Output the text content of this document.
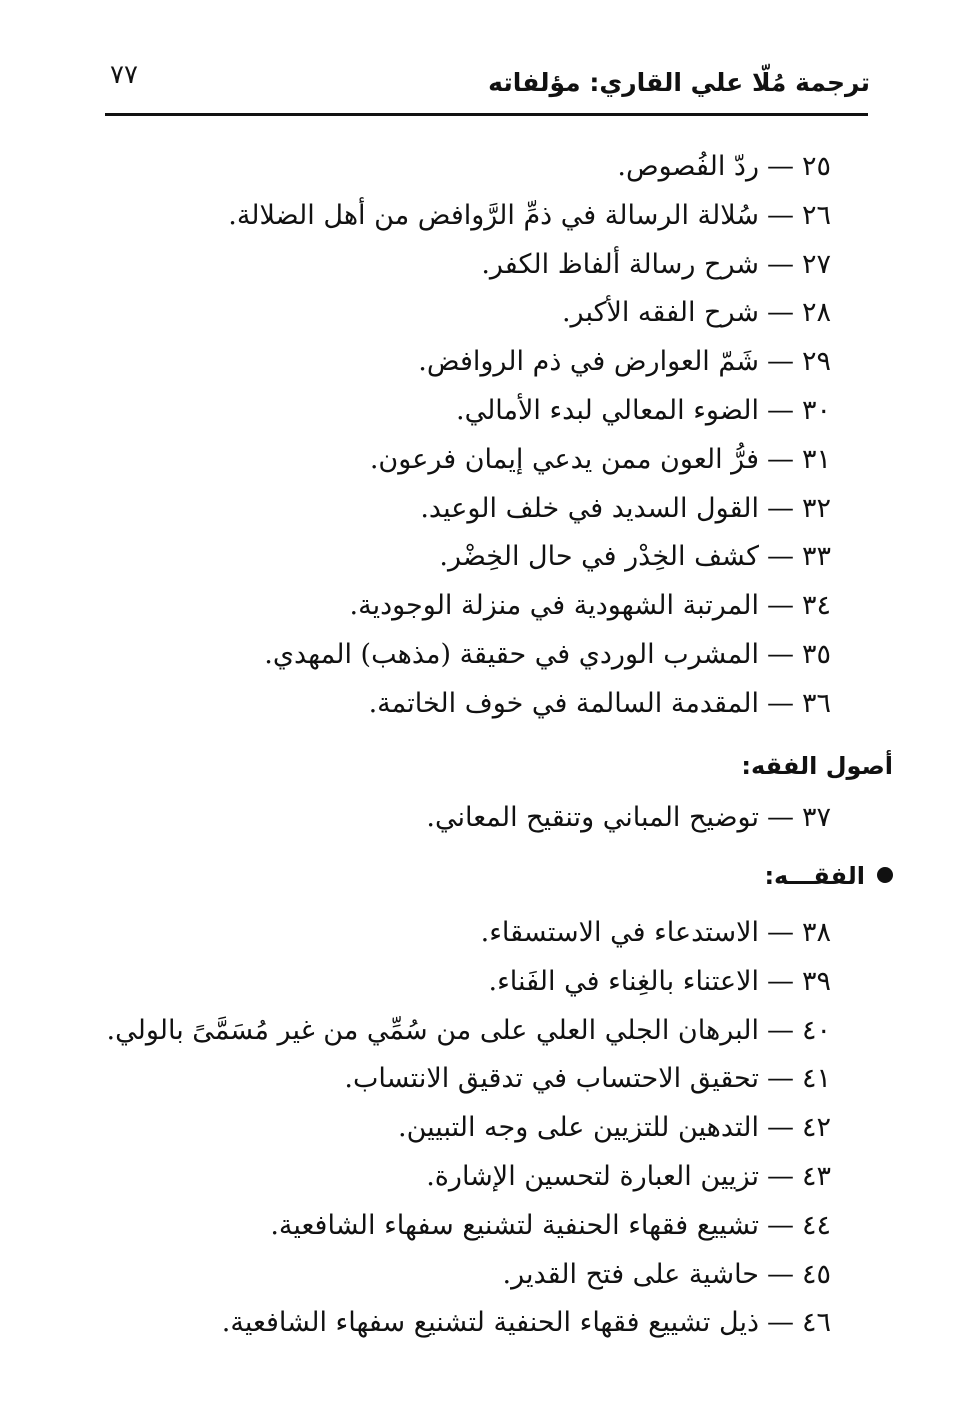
ترجمة مُلّا علي القاري: مؤلفاته
٧٧
٢٥—ردّ الفُصوص.
٢٦—سُلالة الرسالة في ذمِّ الرَّوافض من أهل الضلالة.
٢٧—شرح رسالة ألفاظ الكفر.
٢٨—شرح الفقه الأكبر.
٢٩—شَمّ العوارض في ذم الروافض.
٣٠—الضوء المعالي لبدء الأمالي.
٣١—فرُّ العون ممن يدعي إيمان فرعون.
٣٢—القول السديد في خلف الوعيد.
٣٣—كشف الخِدْر في حال الخِضْر.
٣٤—المرتبة الشهودية في منزلة الوجودية.
٣٥—المشرب الوردي في حقيقة (مذهب) المهدي.
٣٦—المقدمة السالمة في خوف الخاتمة.
أصول الفقه:
٣٧—توضيح المباني وتنقيح المعاني.
الفقـــه:
٣٨—الاستدعاء في الاستسقاء.
٣٩—الاعتناء بالغِناء في الفَناء.
٤٠—البرهان الجلي العلي على من سُمِّي من غير مُسَمَّىً بالولي.
٤١—تحقيق الاحتساب في تدقيق الانتساب.
٤٢—التدهين للتزيين على وجه التبيين.
٤٣—تزيين العبارة لتحسين الإشارة.
٤٤—تشييع فقهاء الحنفية لتشنيع سفهاء الشافعية.
٤٥—حاشية على فتح القدير.
٤٦—ذيل تشييع فقهاء الحنفية لتشنيع سفهاء الشافعية.
